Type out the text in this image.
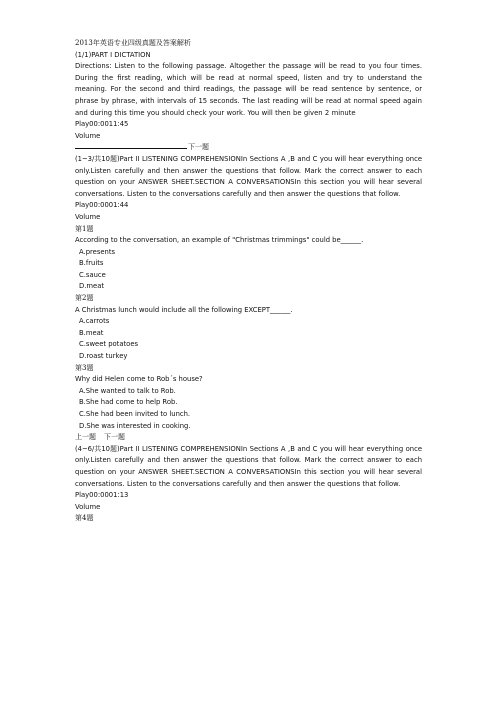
2013年英语专业四级真题及答案解析
(1/1)PART I DICTATION
Directions: Listen to the following passage. Altogether the passage will be read to you four times. During the first reading, which will be read at normal speed, listen and try to understand the meaning. For the second and third readings, the passage will be read sentence by sentence, or phrase by phrase, with intervals of 15 seconds. The last reading will be read at normal speed again and during this time you should check your work. You will then be given 2 minute
Play00:0011:45
Volume
下一题
(1~3/共10题)Part II LISTENING COMPREHENSIONIn Sections A ,B and C you will hear everything once only.Listen carefully and then answer the questions that follow. Mark the correct answer to each question on your ANSWER SHEET.SECTION A CONVERSATIONSIn this section you will hear several conversations. Listen to the conversations carefully and then answer the questions that follow.
Play00:0001:44
Volume
第1题
According to the conversation, an example of "Christmas trimmings" could be______.
A.presents
B.fruits
C.sauce
D.meat
第2题
A Christmas lunch would include all the following EXCEPT______.
A.carrots
B.meat
C.sweet potatoes
D.roast turkey
第3题
Why did Helen come to Rob´s house?
A.She wanted to talk to Rob.
B.She had come to help Rob.
C.She had been invited to lunch.
D.She was interested in cooking.
上一题 下一题
(4~6/共10题)Part II LISTENING COMPREHENSIONIn Sections A ,B and C you will hear everything once only.Listen carefully and then answer the questions that follow. Mark the correct answer to each question on your ANSWER SHEET.SECTION A CONVERSATIONSIn this section you will hear several conversations. Listen to the conversations carefully and then answer the questions that follow.
Play00:0001:13
Volume
第4题
